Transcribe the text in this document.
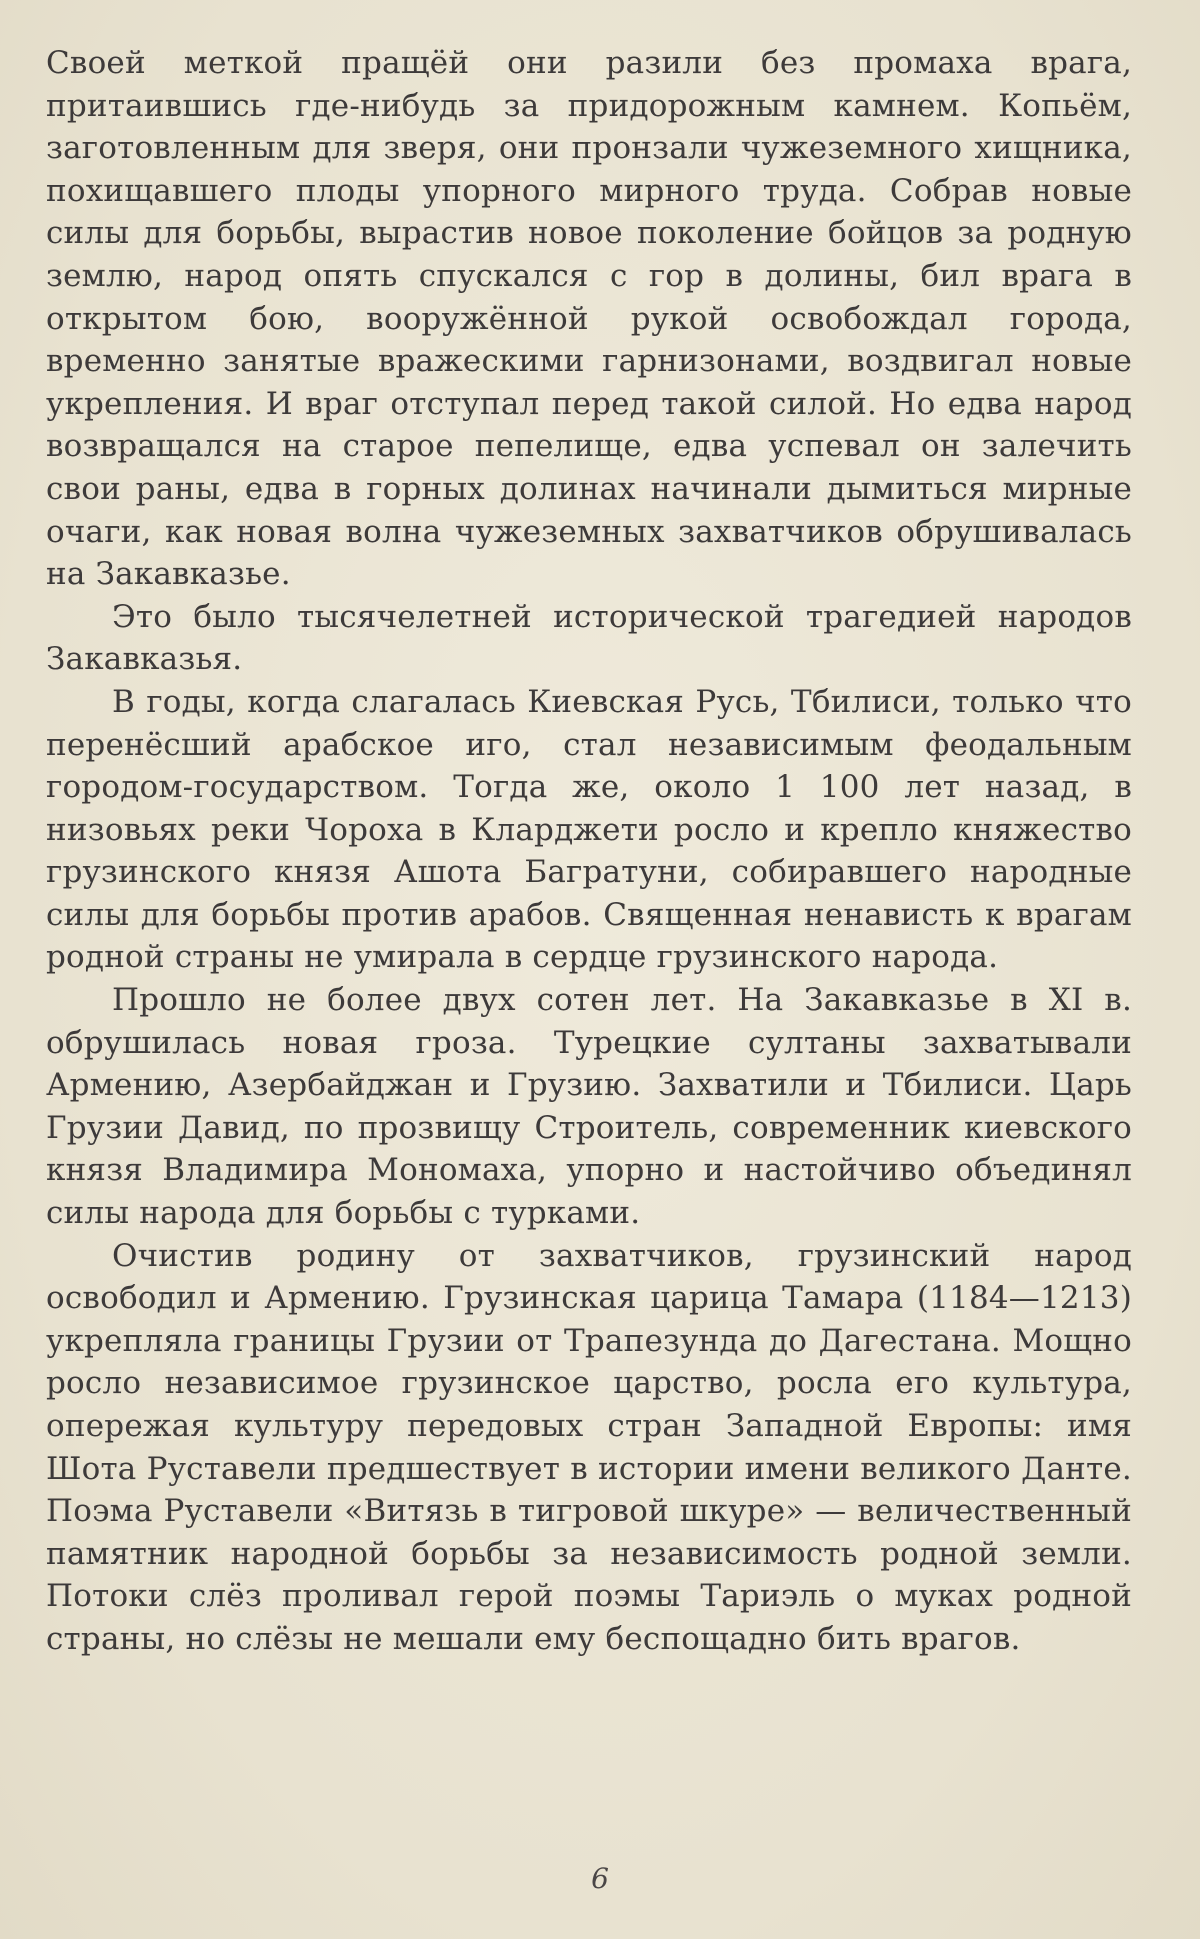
Своей меткой пращёй они разили без промаха врага, притаившись где-нибудь за придорожным камнем. Копьём, заготовленным для зверя, они пронзали чужеземного хищника, похищавшего плоды упорного мирного труда. Собрав новые силы для борьбы, вырастив новое поколение бойцов за родную землю, народ опять спускался с гор в долины, бил врага в открытом бою, вооружённой рукой освобождал города, временно занятые вражескими гарнизонами, воздвигал новые укрепления. И враг отступал перед такой силой. Но едва народ возвращался на старое пепелище, едва успевал он залечить свои раны, едва в горных долинах начинали дымиться мирные очаги, как новая волна чужеземных захватчиков обрушивалась на Закавказье.

Это было тысячелетней исторической трагедией народов Закавказья.

В годы, когда слагалась Киевская Русь, Тбилиси, только что перенёсший арабское иго, стал независимым феодальным городом-государством. Тогда же, около 1 100 лет назад, в низовьях реки Чороха в Кларджети росло и крепло княжество грузинского князя Ашота Багратуни, собиравшего народные силы для борьбы против арабов. Священная ненависть к врагам родной страны не умирала в сердце грузинского народа.

Прошло не более двух сотен лет. На Закавказье в XI в. обрушилась новая гроза. Турецкие султаны захватывали Армению, Азербайджан и Грузию. Захватили и Тбилиси. Царь Грузии Давид, по прозвищу Строитель, современник киевского князя Владимира Мономаха, упорно и настойчиво объединял силы народа для борьбы с турками.

Очистив родину от захватчиков, грузинский народ освободил и Армению. Грузинская царица Тамара (1184—1213) укрепляла границы Грузии от Трапезунда до Дагестана. Мощно росло независимое грузинское царство, росла его культура, опережая культуру передовых стран Западной Европы: имя Шота Руставели предшествует в истории имени великого Данте. Поэма Руставели «Витязь в тигровой шкуре» — величественный памятник народной борьбы за независимость родной земли. Потоки слёз проливал герой поэмы Тариэль о муках родной страны, но слёзы не мешали ему беспощадно бить врагов.

6
